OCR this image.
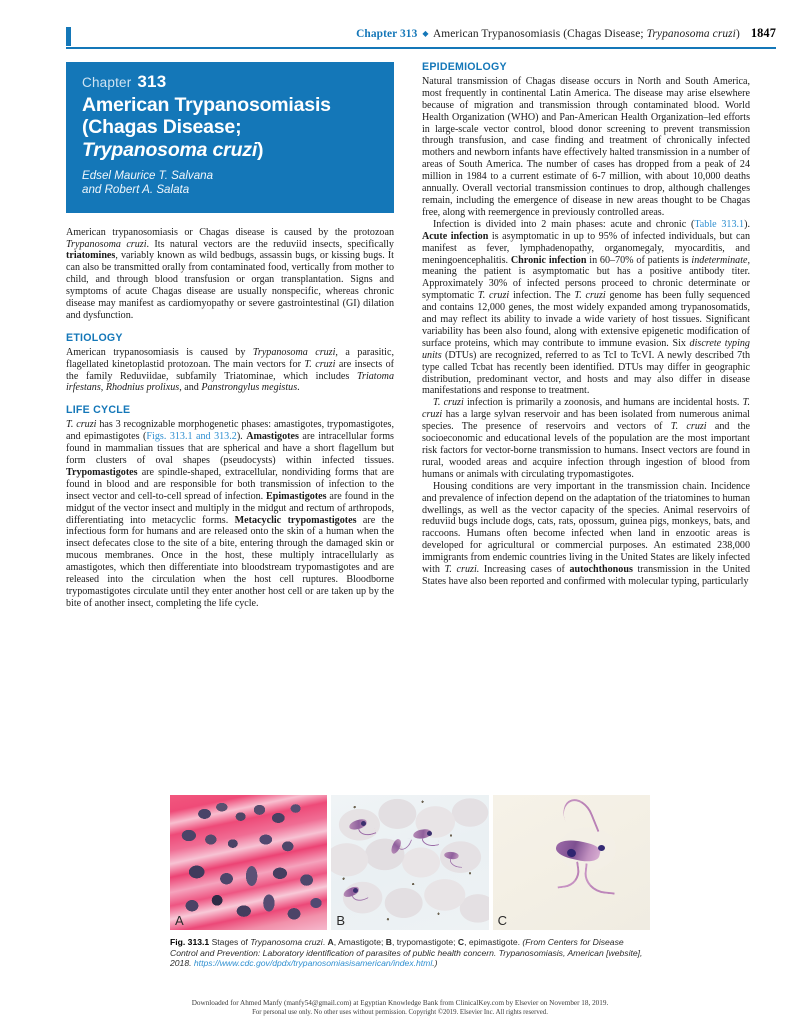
Chapter 313 ◆ American Trypanosomiasis (Chagas Disease; Trypanosoma cruzi) 1847
Chapter 313
American Trypanosomiasis
(Chagas Disease;
Trypanosoma cruzi)
Edsel Maurice T. Salvana
and Robert A. Salata

American trypanosomiasis or Chagas disease is caused by the protozoan Trypanosoma cruzi. Its natural vectors are the reduviid insects, specifically triatomines, variably known as wild bedbugs, assassin bugs, or kissing bugs. It can also be transmitted orally from contaminated food, vertically from mother to child, and through blood transfusion or organ transplantation. Signs and symptoms of acute Chagas disease are usually nonspecific, whereas chronic disease may manifest as cardiomyopathy or severe gastrointestinal (GI) dilation and dysfunction.

ETIOLOGY

American trypanosomiasis is caused by Trypanosoma cruzi, a parasitic, flagellated kinetoplastid protozoan. The main vectors for T. cruzi are insects of the family Reduviidae, subfamily Triatominae, which includes Triatoma irfestans, Rhodnius prolixus, and Panstrongylus megistus.

LIFE CYCLE

T. cruzi has 3 recognizable morphogenetic phases: amastigotes, trypomastigotes, and epimastigotes (Figs. 313.1 and 313.2). Amastigotes are intracellular forms found in mammalian tissues that are spherical and have a short flagellum but form clusters of oval shapes (pseudocysts) within infected tissues. Trypomastigotes are spindle-shaped, extracellular, nondividing forms that are found in blood and are responsible for both transmission of infection to the insect vector and cell-to-cell spread of infection. Epimastigotes are found in the midgut of the vector insect and multiply in the midgut and rectum of arthropods, differentiating into metacyclic forms. Metacyclic trypomastigotes are the infectious form for humans and are released onto the skin of a human when the insect defecates close to the site of a bite, entering through the damaged skin or mucous membranes. Once in the host, these multiply intracellularly as amastigotes, which then differentiate into bloodstream trypomastigotes and are released into the circulation when the host cell ruptures. Bloodborne trypomastigotes circulate until they enter another host cell or are taken up by the bite of another insect, completing the life cycle.

EPIDEMIOLOGY

Natural transmission of Chagas disease occurs in North and South America, most frequently in continental Latin America. The disease may arise elsewhere because of migration and transmission through contaminated blood. World Health Organization (WHO) and Pan-American Health Organization–led efforts in large-scale vector control, blood donor screening to prevent transmission through transfusion, and case finding and treatment of chronically infected mothers and newborn infants have effectively halted transmission in a number of areas of South America. The number of cases has dropped from a peak of 24 million in 1984 to a current estimate of 6-7 million, with about 10,000 deaths annually. Overall vectorial transmission continues to drop, although challenges remain, including the emergence of disease in new areas thought to be Chagas free, along with reemergence in previously controlled areas.

Infection is divided into 2 main phases: acute and chronic (Table 313.1). Acute infection is asymptomatic in up to 95% of infected individuals, but can manifest as fever, lymphadenopathy, organomegaly, myocarditis, and meningoencephalitis. Chronic infection in 60–70% of patients is indeterminate, meaning the patient is asymptomatic but has a positive antibody titer. Approximately 30% of infected persons proceed to chronic determinate or symptomatic T. cruzi infection. The T. cruzi genome has been fully sequenced and contains 12,000 genes, the most widely expanded among trypanosomatids, and may reflect its ability to invade a wide variety of host tissues. Significant variability has been also found, along with extensive epigenetic modification of surface proteins, which may contribute to immune evasion. Six discrete typing units (DTUs) are recognized, referred to as TcI to TcVI. A newly described 7th type called Tcbat has recently been identified. DTUs may differ in geographic distribution, predominant vector, and hosts and may also differ in disease manifestations and response to treatment.

T. cruzi infection is primarily a zoonosis, and humans are incidental hosts. T. cruzi has a large sylvan reservoir and has been isolated from numerous animal species. The presence of reservoirs and vectors of T. cruzi and the socioeconomic and educational levels of the population are the most important risk factors for vector-borne transmission to humans. Insect vectors are found in rural, wooded areas and acquire infection through ingestion of blood from humans or animals with circulating trypomastigotes.

Housing conditions are very important in the transmission chain. Incidence and prevalence of infection depend on the adaptation of the triatomines to human dwellings, as well as the vector capacity of the species. Animal reservoirs of reduviid bugs include dogs, cats, rats, opossum, guinea pigs, monkeys, bats, and raccoons. Humans often become infected when land in enzootic areas is developed for agricultural or commercial purposes. An estimated 238,000 immigrants from endemic countries living in the United States are likely infected with T. cruzi. Increasing cases of autochthonous transmission in the United States have also been reported and confirmed with molecular typing, particularly

A	B	C
Fig. 313.1 Stages of Trypanosoma cruzi. A, Amastigote; B, trypomastigote; C, epimastigote. (From Centers for Disease Control and Prevention: Laboratory identification of parasites of public health concern. Trypanosomiasis, American [website], 2018. https://www.cdc.gov/dpdx/trypanosomiasisamerican/index.html.)
Downloaded for Ahmed Manfy (manfy54@gmail.com) at Egyptian Knowledge Bank from ClinicalKey.com by Elsevier on November 18, 2019.
For personal use only. No other uses without permission. Copyright ©2019. Elsevier Inc. All rights reserved.
